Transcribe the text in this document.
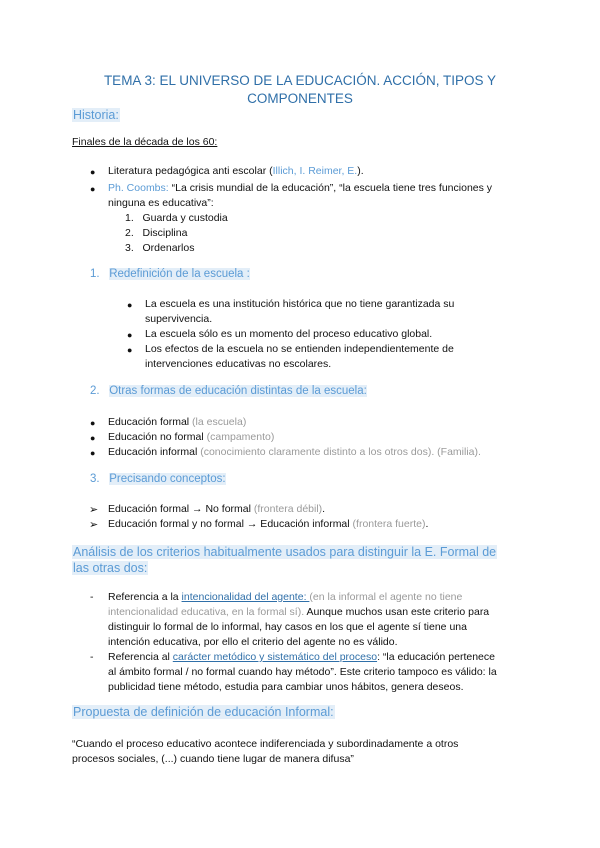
TEMA 3: EL UNIVERSO DE LA EDUCACIÓN. ACCIÓN, TIPOS Y COMPONENTES
Historia:
Finales de la década de los 60:
● Literatura pedagógica anti escolar (Illich, I. Reimer, E.).
● Ph. Coombs: “La crisis mundial de la educación”, “la escuela tiene tres funciones y
ninguna es educativa”:
1.   Guarda y custodia
2.   Disciplina
3.   Ordenarlos
1. Redefinición de la escuela :
● La escuela es una institución histórica que no tiene garantizada su
supervivencia.
● La escuela sólo es un momento del proceso educativo global.
● Los efectos de la escuela no se entienden independientemente de
intervenciones educativas no escolares.
2. Otras formas de educación distintas de la escuela:
● Educación formal (la escuela)
● Educación no formal (campamento)
● Educación informal (conocimiento claramente distinto a los otros dos). (Familia).
3. Precisando conceptos:
➢ Educación formal → No formal (frontera débil).
➢ Educación formal y no formal → Educación informal (frontera fuerte).
Análisis de los criterios habitualmente usados para distinguir la E. Formal de
las otras dos:
- Referencia a la intencionalidad del agente: (en la informal el agente no tiene
intencionalidad educativa, en la formal sí). Aunque muchos usan este criterio para
distinguir lo formal de lo informal, hay casos en los que el agente sí tiene una
intención educativa, por ello el criterio del agente no es válido.
- Referencia al carácter metódico y sistemático del proceso: “la educación pertenece
al ámbito formal / no formal cuando hay método”. Este criterio tampoco es válido: la
publicidad tiene método, estudia para cambiar unos hábitos, genera deseos.
Propuesta de definición de educación Informal:
“Cuando el proceso educativo acontece indiferenciada y subordinadamente a otros
procesos sociales, (...) cuando tiene lugar de manera difusa”
